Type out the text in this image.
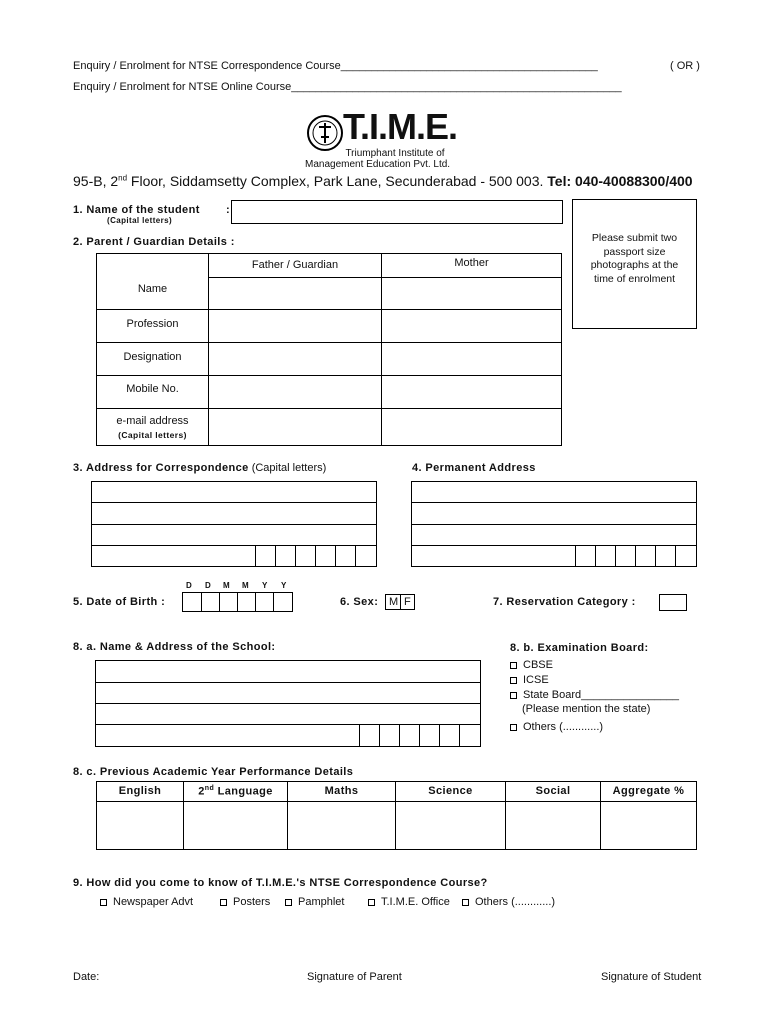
Enquiry / Enrolment for NTSE Correspondence Course__________________________________________	( OR )
Enquiry / Enrolment for NTSE Online Course______________________________________________________
T.I.M.E.
Triumphant Institute of
Management Education Pvt. Ltd.
95-B, 2nd Floor, Siddamsetty Complex, Park Lane, Secunderabad - 500 003. Tel: 040-40088300/400
Please submit two passport size photographs at the time of enrolment
1. Name of the student :
(Capital letters)
2. Parent / Guardian Details :
Father / Guardian	Mother
Name
Profession
Designation
Mobile No.
e-mail address
(Capital letters)
3. Address for Correspondence (Capital letters)	4. Permanent Address
D D M M Y Y
5. Date of Birth :	6. Sex: M F	7. Reservation Category :
8. a. Name & Address of the School:	8. b. Examination Board:
CBSE
ICSE
State Board________________
(Please mention the state)
Others (............)
8. c. Previous Academic Year Performance Details
English	2nd Language	Maths	Science	Social	Aggregate %
9. How did you come to know of T.I.M.E.'s NTSE Correspondence Course?
Newspaper Advt	Posters	Pamphlet	T.I.M.E. Office	Others (............)
Date:	Signature of Parent	Signature of Student
